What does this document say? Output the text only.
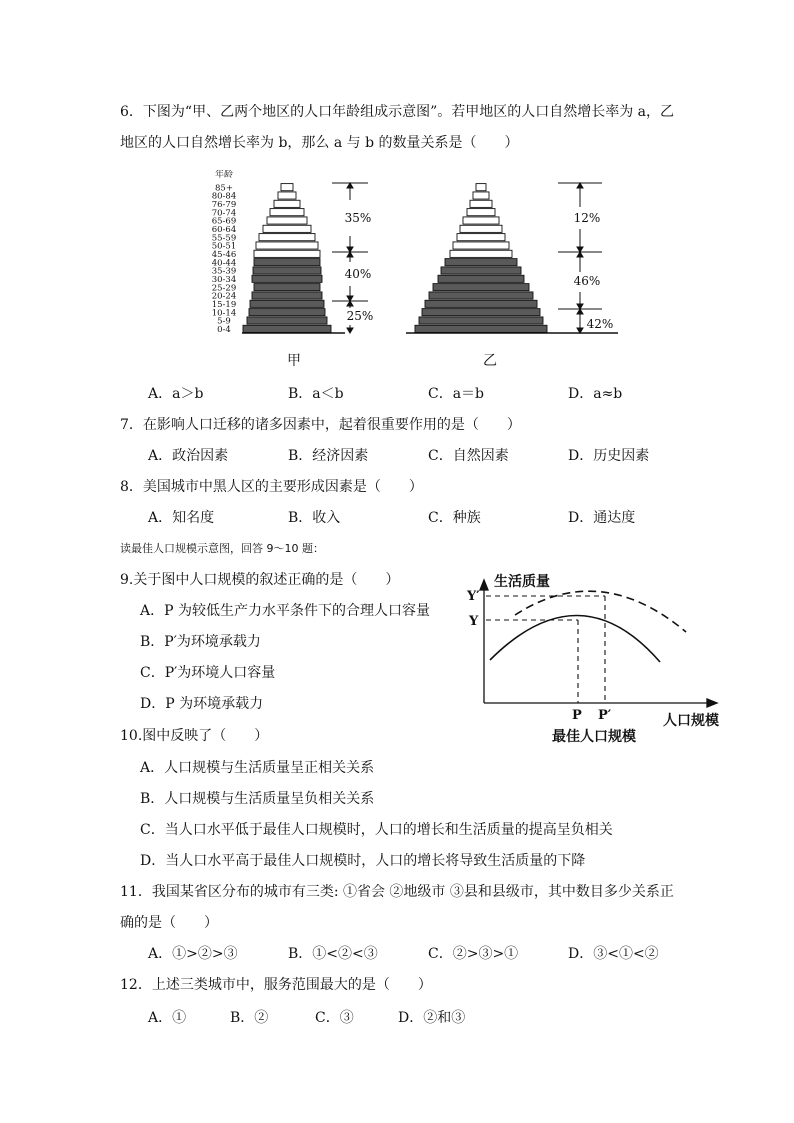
6．下图为“甲、乙两个地区的人口年龄组成示意图”。若甲地区的人口自然增长率为 a，乙
地区的人口自然增长率为 b，那么 a 与 b 的数量关系是（　　）
年龄
85+
80-84
76-79
70-74
65-69
60-64
55-59
50-51
45-46
40-44
35-39
30-34
25-29
20-24
15-19
10-14
5-9
0-4
35%
40%
25%
12%
46%
42%
甲	乙
A．a＞b	B．a＜b	C．a＝b	D．a≈b
7．在影响人口迁移的诸多因素中，起着很重要作用的是（　　）
A．政治因素	B．经济因素	C．自然因素	D．历史因素
8．美国城市中黑人区的主要形成因素是（　　）
A．知名度	B．收入	C．种族	D．通达度
读最佳人口规模示意图，回答 9～10 题：
9.关于图中人口规模的叙述正确的是（　　）
A．P 为较低生产力水平条件下的合理人口容量
B．P′为环境承载力
C．P′为环境人口容量
D．P 为环境承载力
生活质量
人口规模
最佳人口规模
Y′
Y
P P′
10.图中反映了（　　）
A．人口规模与生活质量呈正相关关系
B．人口规模与生活质量呈负相关关系
C．当人口水平低于最佳人口规模时，人口的增长和生活质量的提高呈负相关
D．当人口水平高于最佳人口规模时，人口的增长将导致生活质量的下降
11．我国某省区分布的城市有三类: ①省会 ②地级市 ③县和县级市，其中数目多少关系正
确的是（　　）
A．①>②>③	B．①<②<③	C．②>③>①	D．③<①<②
12．上述三类城市中，服务范围最大的是（　　）
A．①	B．②	C．③	D．②和③
